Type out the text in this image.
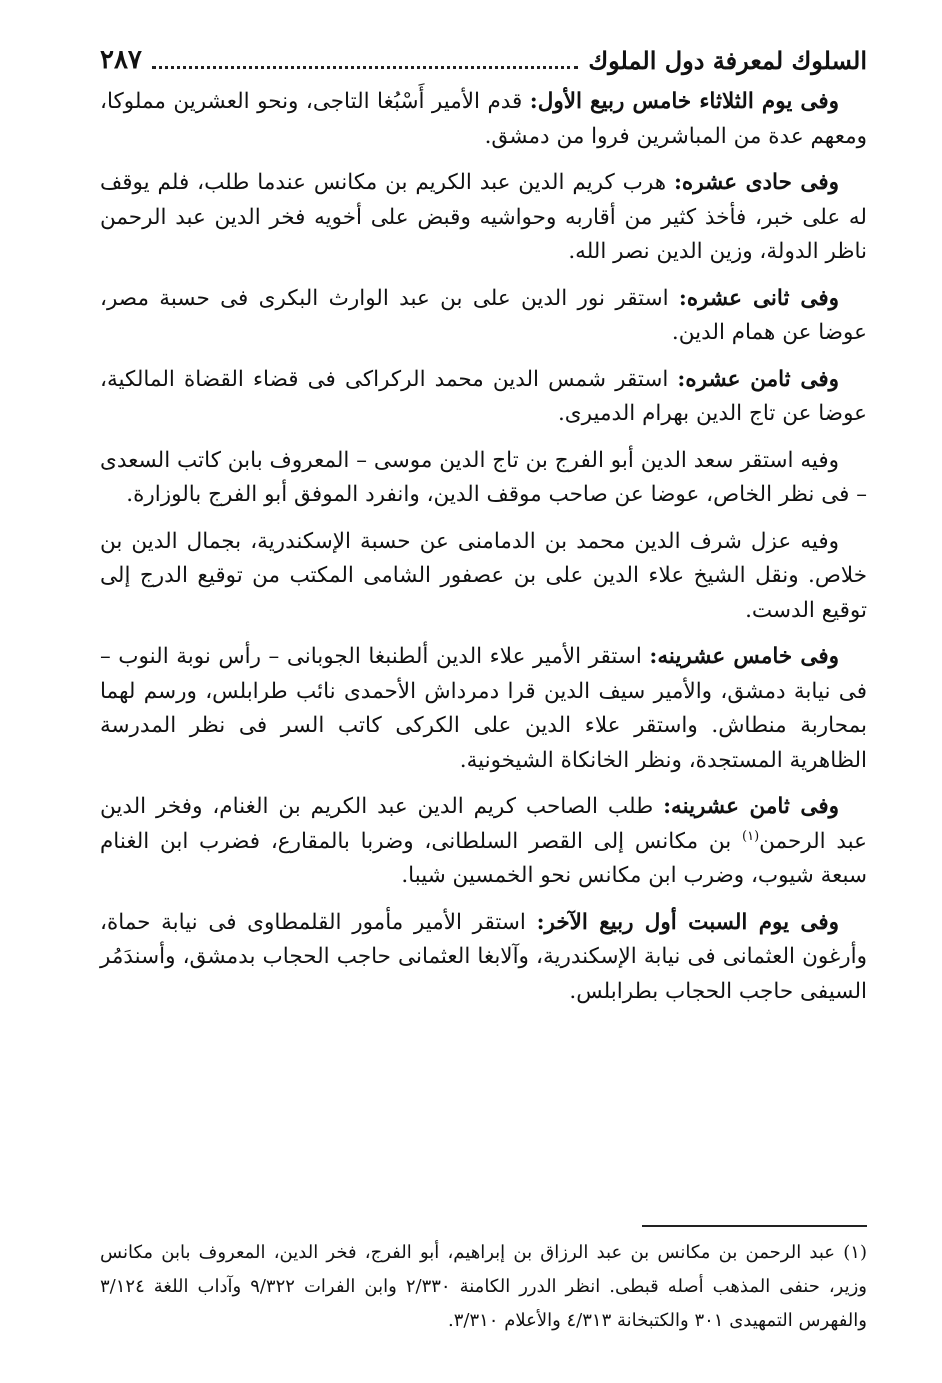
السلوك لمعرفة دول الملوك
٢٨٧

وفى يوم الثلاثاء خامس ربيع الأول: قدم الأمير أَسْبُغا التاجى، ونحو العشرين مملوكا، ومعهم عدة من المباشرين فروا من دمشق.

وفى حادى عشره: هرب كريم الدين عبد الكريم بن مكانس عندما طلب، فلم يوقف له على خبر، فأخذ كثير من أقاربه وحواشيه وقبض على أخويه فخر الدين عبد الرحمن ناظر الدولة، وزين الدين نصر الله.

وفى ثانى عشره: استقر نور الدين على بن عبد الوارث البكرى فى حسبة مصر، عوضا عن همام الدين.

وفى ثامن عشره: استقر شمس الدين محمد الركراكى فى قضاء القضاة المالكية، عوضا عن تاج الدين بهرام الدميرى.

وفيه استقر سعد الدين أبو الفرج بن تاج الدين موسى – المعروف بابن كاتب السعدى – فى نظر الخاص، عوضا عن صاحب موقف الدين، وانفرد الموفق أبو الفرج بالوزارة.

وفيه عزل شرف الدين محمد بن الدمامنى عن حسبة الإسكندرية، بجمال الدين بن خلاص. ونقل الشيخ علاء الدين على بن عصفور الشامى المكتب من توقيع الدرج إلى توقيع الدست.

وفى خامس عشرينه: استقر الأمير علاء الدين ألطنبغا الجوبانى – رأس نوبة النوب – فى نيابة دمشق، والأمير سيف الدين قرا دمرداش الأحمدى نائب طرابلس، ورسم لهما بمحاربة منطاش. واستقر علاء الدين على الكركى كاتب السر فى نظر المدرسة الظاهرية المستجدة، ونظر الخانكاة الشيخونية.

وفى ثامن عشرينه: طلب الصاحب كريم الدين عبد الكريم بن الغنام، وفخر الدين عبد الرحمن$^{(١)}$ بن مكانس إلى القصر السلطانى، وضربا بالمقارع، فضرب ابن الغنام سبعة شيوب، وضرب ابن مكانس نحو الخمسين شيبا.

وفى يوم السبت أول ربيع الآخر: استقر الأمير مأمور القلمطاوى فى نيابة حماة، وأرغون العثمانى فى نيابة الإسكندرية، وآلابغا العثمانى حاجب الحجاب بدمشق، وأسندَمُر السيفى حاجب الحجاب بطرابلس.

(١) عبد الرحمن بن مكانس بن عبد الرزاق بن إبراهيم، أبو الفرج، فخر الدين، المعروف بابن مكانس وزير، حنفى المذهب أصله قبطى. انظر الدرر الكامنة ٢/٣٣٠ وابن الفرات ٩/٣٢٢ وآداب اللغة ٣/١٢٤ والفهرس التمهيدى ٣٠١ والكتبخانة ٤/٣١٣ والأعلام ٣/٣١٠.
